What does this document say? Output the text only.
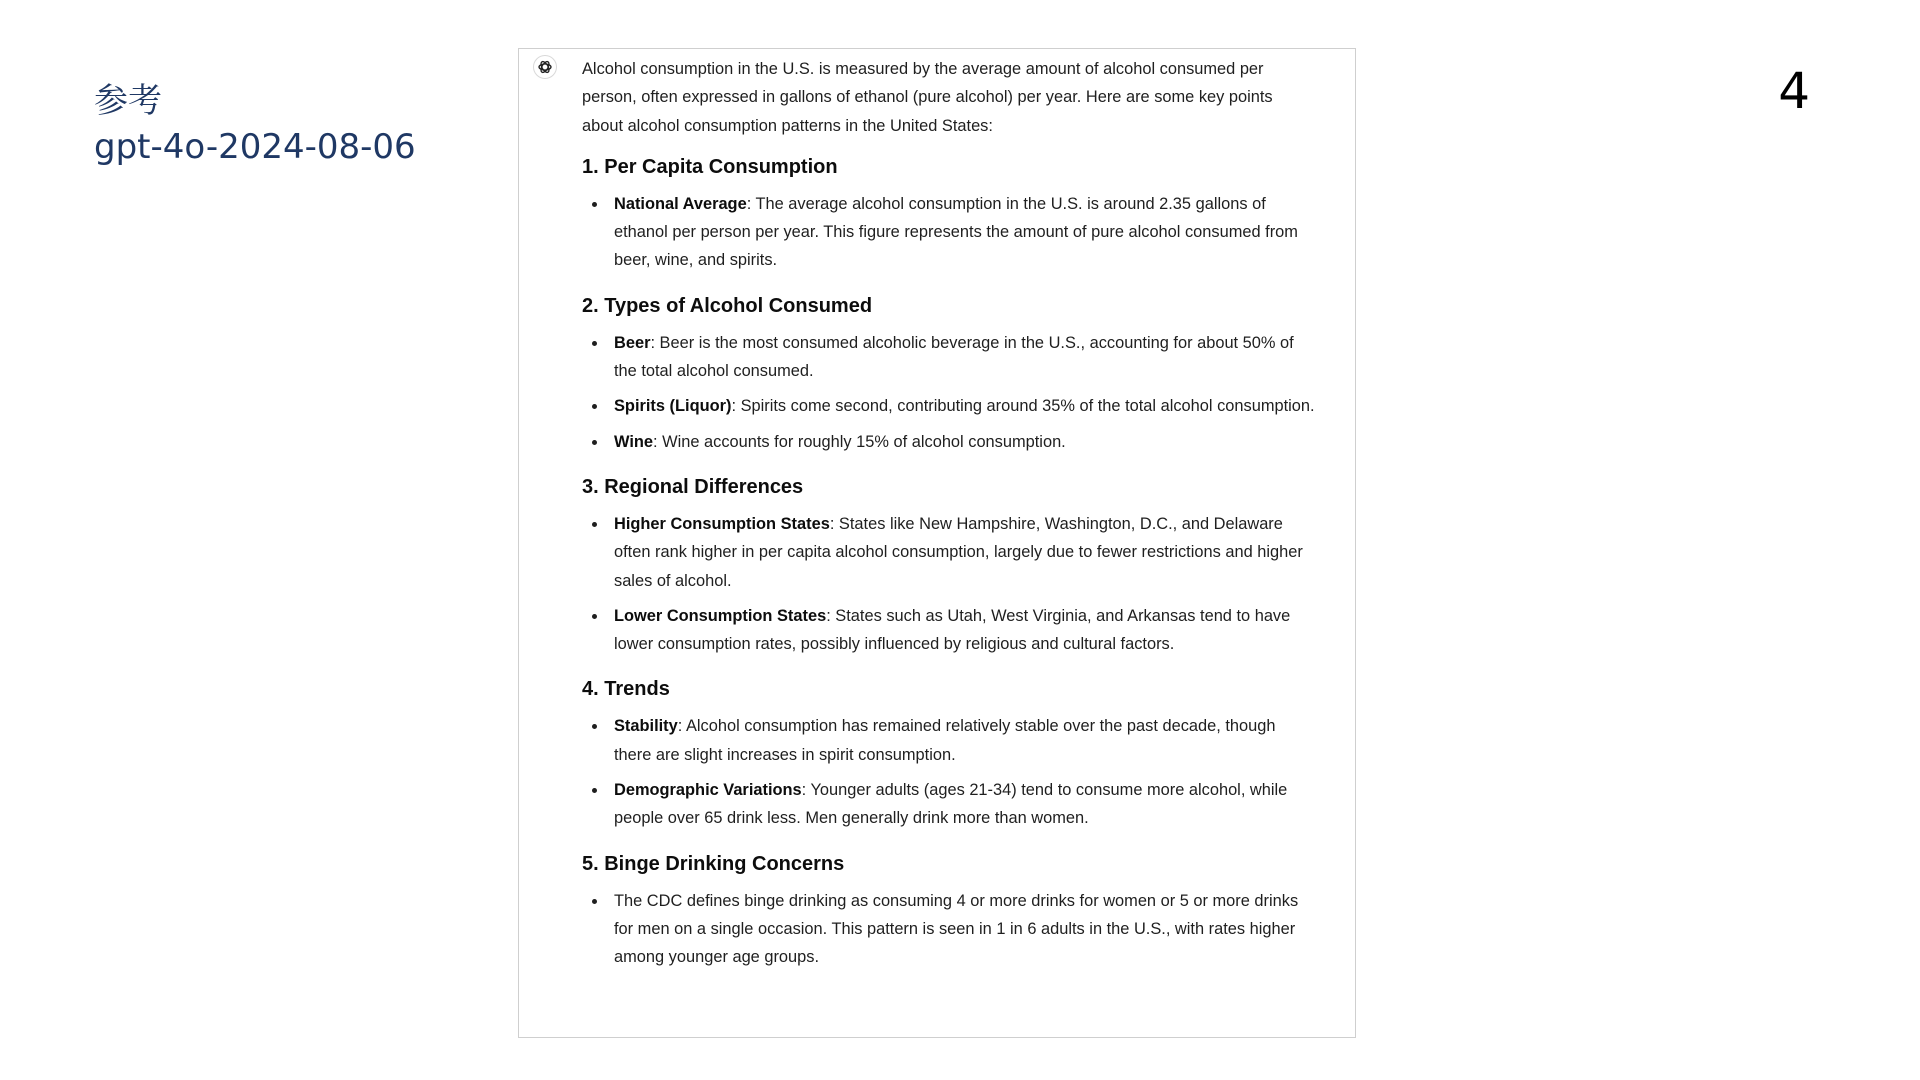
参考
gpt-4o-2024-08-06
4

Alcohol consumption in the U.S. is measured by the average amount of alcohol consumed per person, often expressed in gallons of ethanol (pure alcohol) per year. Here are some key points about alcohol consumption patterns in the United States:

1. Per Capita Consumption
National Average: The average alcohol consumption in the U.S. is around 2.35 gallons of ethanol per person per year. This figure represents the amount of pure alcohol consumed from beer, wine, and spirits.
2. Types of Alcohol Consumed
Beer: Beer is the most consumed alcoholic beverage in the U.S., accounting for about 50% of the total alcohol consumed.
Spirits (Liquor): Spirits come second, contributing around 35% of the total alcohol consumption.
Wine: Wine accounts for roughly 15% of alcohol consumption.
3. Regional Differences
Higher Consumption States: States like New Hampshire, Washington, D.C., and Delaware often rank higher in per capita alcohol consumption, largely due to fewer restrictions and higher sales of alcohol.
Lower Consumption States: States such as Utah, West Virginia, and Arkansas tend to have lower consumption rates, possibly influenced by religious and cultural factors.
4. Trends
Stability: Alcohol consumption has remained relatively stable over the past decade, though there are slight increases in spirit consumption.
Demographic Variations: Younger adults (ages 21-34) tend to consume more alcohol, while people over 65 drink less. Men generally drink more than women.
5. Binge Drinking Concerns
The CDC defines binge drinking as consuming 4 or more drinks for women or 5 or more drinks for men on a single occasion. This pattern is seen in 1 in 6 adults in the U.S., with rates higher among younger age groups.
